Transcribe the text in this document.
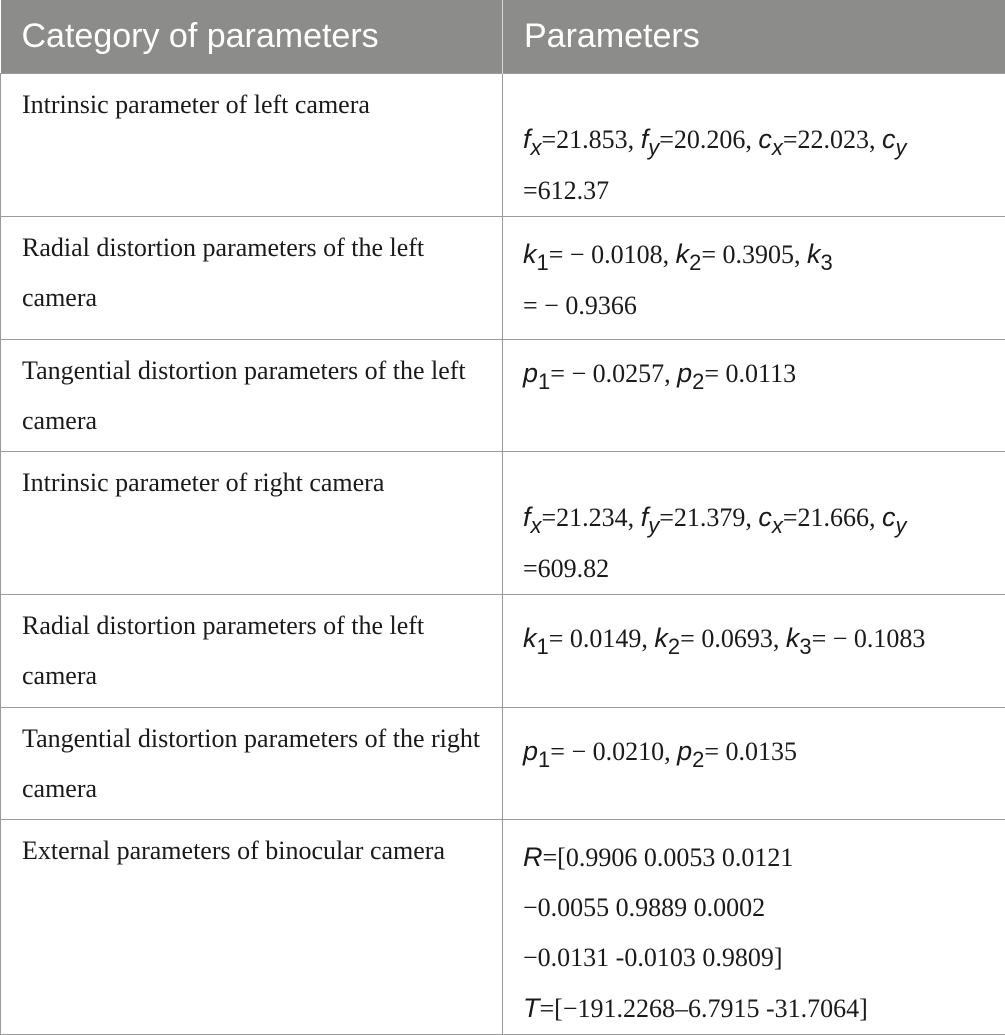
Category of parameters	Parameters
Intrinsic parameter of left camera	$f_x=21.853$, $f_y=20.206$, $c_x=22.023$, $c_y$
=612.37

Radial distortion parameters of the left camera	$k_1= - 0.0108$, $k_2= 0.3905$, $k_3$
= − 0.9366

Tangential distortion parameters of the left camera	$p_1= - 0.0257$, $p_2= 0.0113$

Intrinsic parameter of right camera	$f_x=21.234$, $f_y=21.379$, $c_x=21.666$, $c_y$
=609.82

Radial distortion parameters of the left camera	$k_1= 0.0149$, $k_2= 0.0693$, $k_3= - 0.1083$

Tangential distortion parameters of the right camera	$p_1= - 0.0210$, $p_2= 0.0135$

External parameters of binocular camera	R=[0.9906 0.0053 0.0121
−0.0055 0.9889 0.0002
−0.0131 -0.0103 0.9809]
T=[−191.2268–6.7915 -31.7064]
